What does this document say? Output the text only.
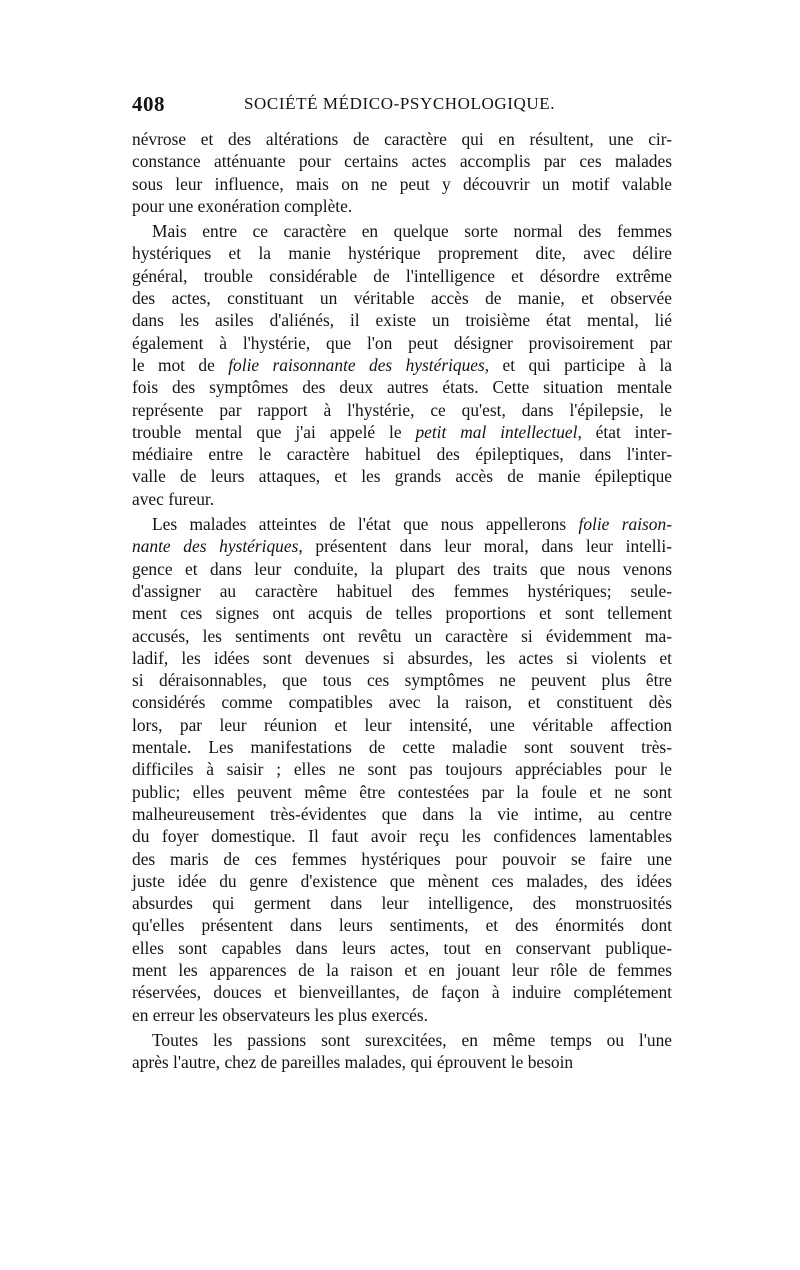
408	SOCIÉTÉ MÉDICO-PSYCHOLOGIQUE.
névrose et des altérations de caractère qui en résultent, une cir-
constance atténuante pour certains actes accomplis par ces malades
sous leur influence, mais on ne peut y découvrir un motif valable
pour une exonération complète.
Mais entre ce caractère en quelque sorte normal des femmes
hystériques et la manie hystérique proprement dite, avec délire
général, trouble considérable de l'intelligence et désordre extrême
des actes, constituant un véritable accès de manie, et observée
dans les asiles d'aliénés, il existe un troisième état mental, lié
également à l'hystérie, que l'on peut désigner provisoirement par
le mot de folie raisonnante des hystériques, et qui participe à la
fois des symptômes des deux autres états. Cette situation mentale
représente par rapport à l'hystérie, ce qu'est, dans l'épilepsie, le
trouble mental que j'ai appelé le petit mal intellectuel, état inter-
médiaire entre le caractère habituel des épileptiques, dans l'inter-
valle de leurs attaques, et les grands accès de manie épileptique
avec fureur.
Les malades atteintes de l'état que nous appellerons folie raison-
nante des hystériques, présentent dans leur moral, dans leur intelli-
gence et dans leur conduite, la plupart des traits que nous venons
d'assigner au caractère habituel des femmes hystériques; seule-
ment ces signes ont acquis de telles proportions et sont tellement
accusés, les sentiments ont revêtu un caractère si évidemment ma-
ladif, les idées sont devenues si absurdes, les actes si violents et
si déraisonnables, que tous ces symptômes ne peuvent plus être
considérés comme compatibles avec la raison, et constituent dès
lors, par leur réunion et leur intensité, une véritable affection
mentale. Les manifestations de cette maladie sont souvent très-
difficiles à saisir ; elles ne sont pas toujours appréciables pour le
public; elles peuvent même être contestées par la foule et ne sont
malheureusement très-évidentes que dans la vie intime, au centre
du foyer domestique. Il faut avoir reçu les confidences lamentables
des maris de ces femmes hystériques pour pouvoir se faire une
juste idée du genre d'existence que mènent ces malades, des idées
absurdes qui germent dans leur intelligence, des monstruosités
qu'elles présentent dans leurs sentiments, et des énormités dont
elles sont capables dans leurs actes, tout en conservant publique-
ment les apparences de la raison et en jouant leur rôle de femmes
réservées, douces et bienveillantes, de façon à induire complétement
en erreur les observateurs les plus exercés.
Toutes les passions sont surexcitées, en même temps ou l'une
après l'autre, chez de pareilles malades, qui éprouvent le besoin
